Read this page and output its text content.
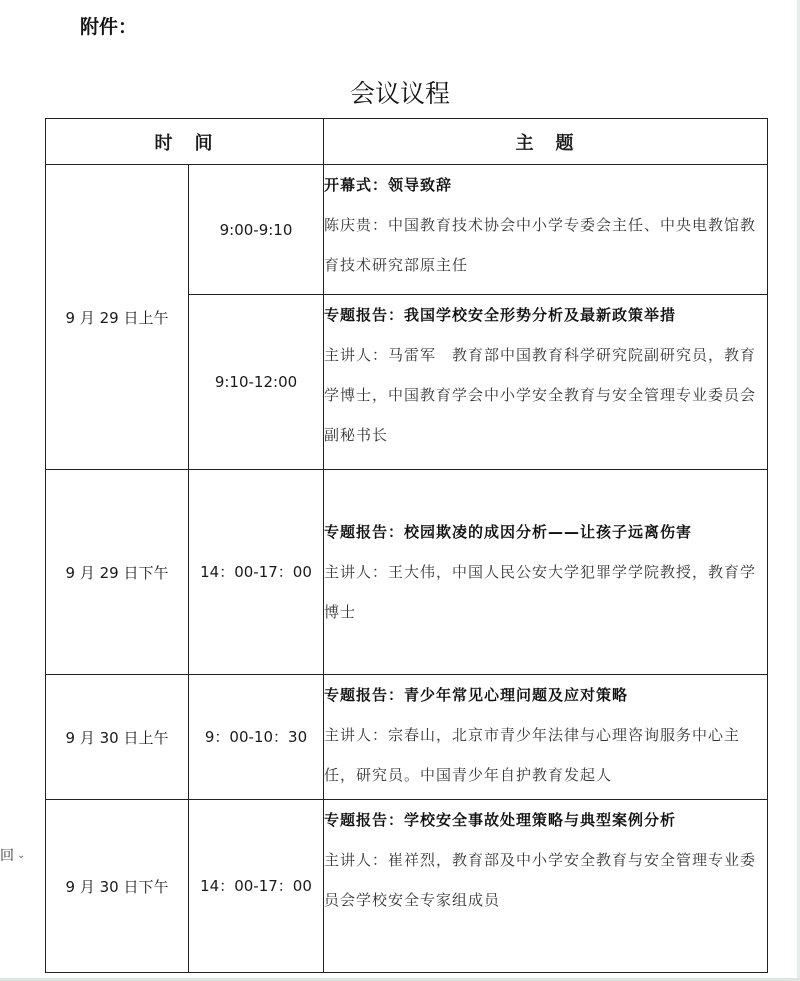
附件：
会议议程
回 ⌄
时　间		主　题
9 月 29 日上午	9:00-9:10	开幕式：领导致辞
陈庆贵：中国教育技术协会中小学专委会主任、中央电教馆教育技术研究部原主任

	9:10-12:00	专题报告：我国学校安全形势分析及最新政策举措
主讲人：马雷军　教育部中国教育科学研究院副研究员，教育学博士，中国教育学会中小学安全教育与安全管理专业委员会副秘书长

9 月 29 日下午	14：00-17：00	专题报告：校园欺凌的成因分析——让孩子远离伤害
主讲人：王大伟，中国人民公安大学犯罪学学院教授，教育学博士

9 月 30 日上午	9：00-10：30	专题报告：青少年常见心理问题及应对策略
主讲人：宗春山，北京市青少年法律与心理咨询服务中心主任，研究员。中国青少年自护教育发起人

9 月 30 日下午	14：00-17：00	专题报告：学校安全事故处理策略与典型案例分析
主讲人：崔祥烈，教育部及中小学安全教育与安全管理专业委员会学校安全专家组成员
